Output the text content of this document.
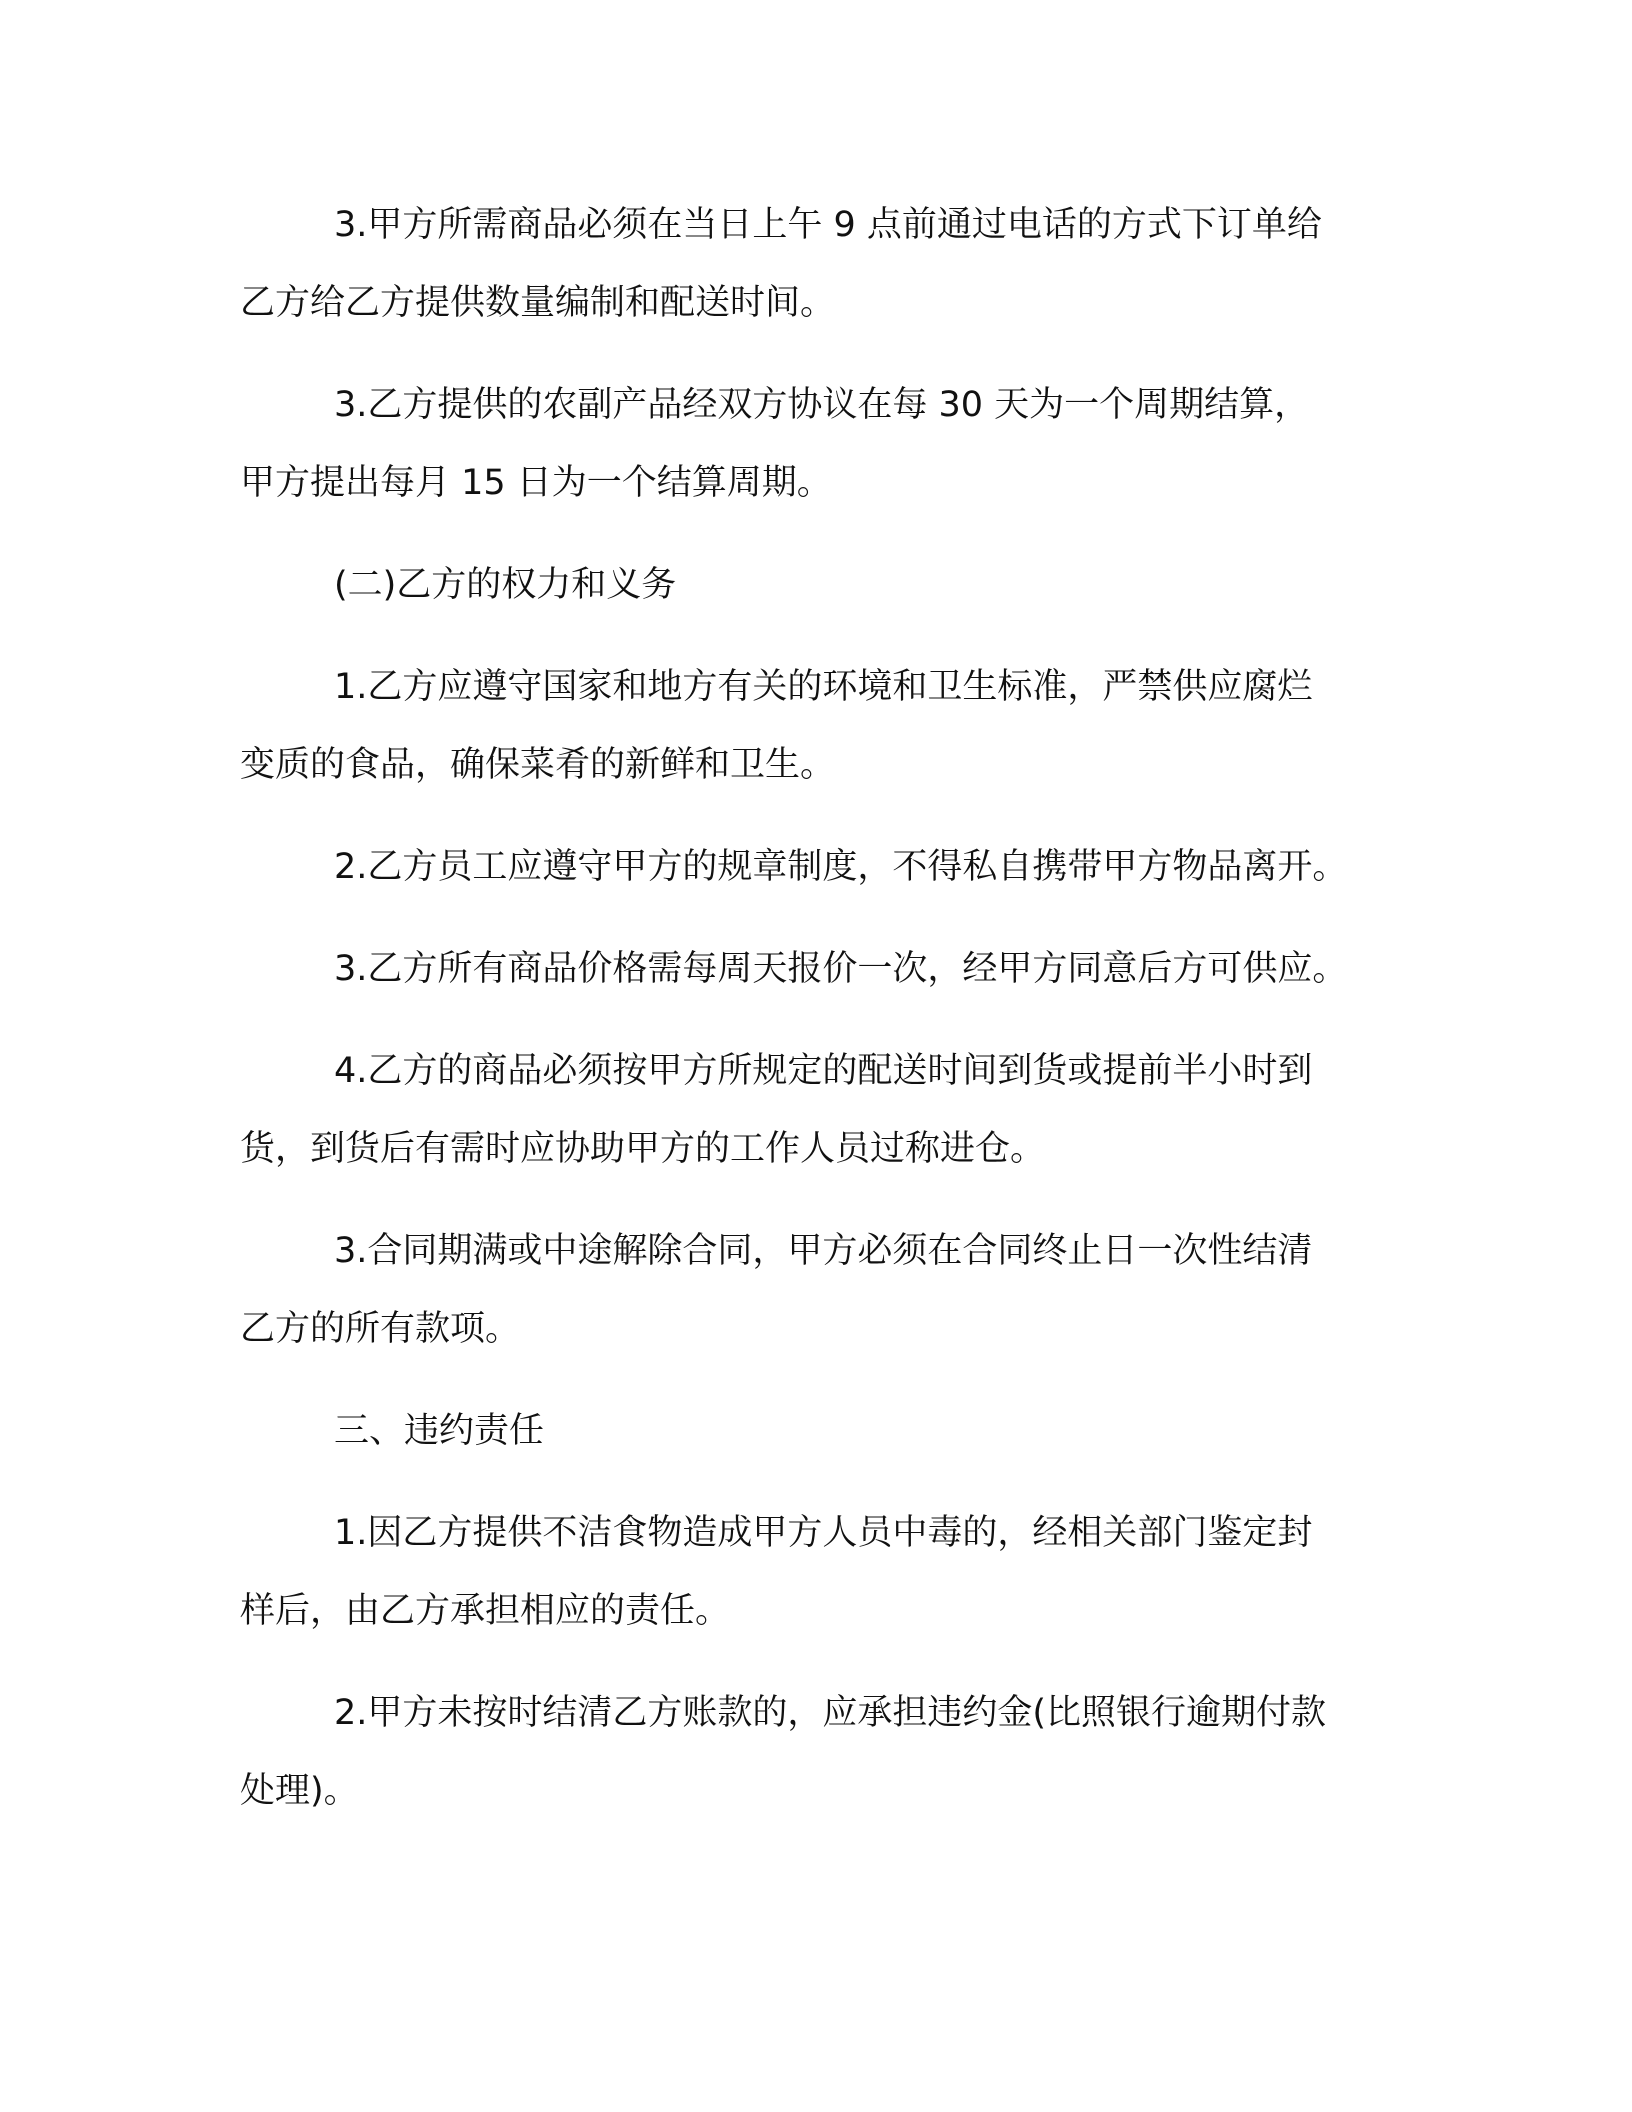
3.甲方所需商品必须在当日上午 9 点前通过电话的方式下订单给
乙方给乙方提供数量编制和配送时间。

3.乙方提供的农副产品经双方协议在每 30 天为一个周期结算，
甲方提出每月 15 日为一个结算周期。

(二)乙方的权力和义务

1.乙方应遵守国家和地方有关的环境和卫生标准，严禁供应腐烂
变质的食品，确保菜肴的新鲜和卫生。

2.乙方员工应遵守甲方的规章制度，不得私自携带甲方物品离开。

3.乙方所有商品价格需每周天报价一次，经甲方同意后方可供应。

4.乙方的商品必须按甲方所规定的配送时间到货或提前半小时到
货，到货后有需时应协助甲方的工作人员过称进仓。

3.合同期满或中途解除合同，甲方必须在合同终止日一次性结清
乙方的所有款项。

三、违约责任

1.因乙方提供不洁食物造成甲方人员中毒的，经相关部门鉴定封
样后，由乙方承担相应的责任。

2.甲方未按时结清乙方账款的，应承担违约金(比照银行逾期付款
处理)。
